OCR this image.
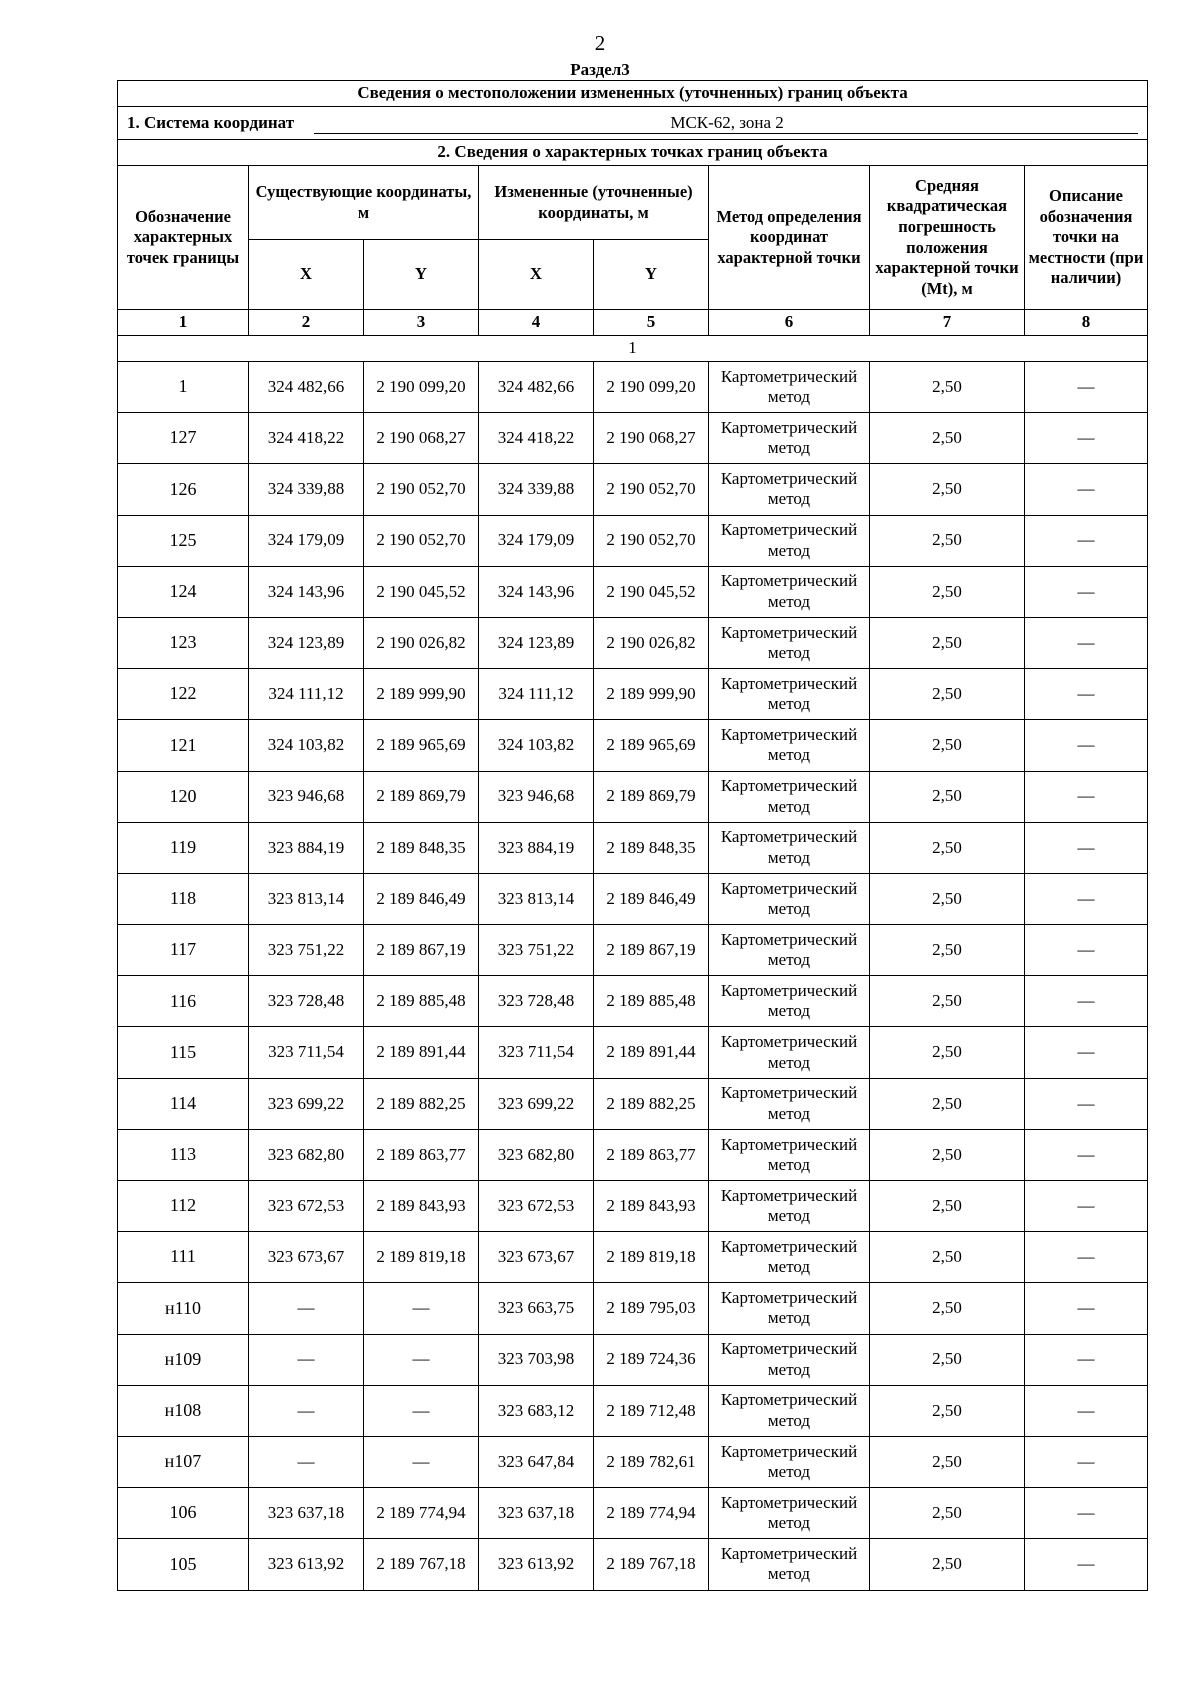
2
Раздел3
Сведения о местоположении измененных (уточненных) границ объекта							
1. Система координат МСК-62, зона 2							
2. Сведения о характерных точках границ объекта							
Обозначение характерных точек границы	Существующие координаты, м		Измененные (уточненные) координаты, м		Метод определения координат характерной точки	Средняя квадратическая погрешность положения характерной точки (Mt), м	Описание обозначения точки на местности (при наличии)
	X	Y	X	Y			
1	2	3	4	5	6	7	8
1							
1	324 482,66	2 190 099,20	324 482,66	2 190 099,20	Картометрический метод	2,50	—
127	324 418,22	2 190 068,27	324 418,22	2 190 068,27	Картометрический метод	2,50	—
126	324 339,88	2 190 052,70	324 339,88	2 190 052,70	Картометрический метод	2,50	—
125	324 179,09	2 190 052,70	324 179,09	2 190 052,70	Картометрический метод	2,50	—
124	324 143,96	2 190 045,52	324 143,96	2 190 045,52	Картометрический метод	2,50	—
123	324 123,89	2 190 026,82	324 123,89	2 190 026,82	Картометрический метод	2,50	—
122	324 111,12	2 189 999,90	324 111,12	2 189 999,90	Картометрический метод	2,50	—
121	324 103,82	2 189 965,69	324 103,82	2 189 965,69	Картометрический метод	2,50	—
120	323 946,68	2 189 869,79	323 946,68	2 189 869,79	Картометрический метод	2,50	—
119	323 884,19	2 189 848,35	323 884,19	2 189 848,35	Картометрический метод	2,50	—
118	323 813,14	2 189 846,49	323 813,14	2 189 846,49	Картометрический метод	2,50	—
117	323 751,22	2 189 867,19	323 751,22	2 189 867,19	Картометрический метод	2,50	—
116	323 728,48	2 189 885,48	323 728,48	2 189 885,48	Картометрический метод	2,50	—
115	323 711,54	2 189 891,44	323 711,54	2 189 891,44	Картометрический метод	2,50	—
114	323 699,22	2 189 882,25	323 699,22	2 189 882,25	Картометрический метод	2,50	—
113	323 682,80	2 189 863,77	323 682,80	2 189 863,77	Картометрический метод	2,50	—
112	323 672,53	2 189 843,93	323 672,53	2 189 843,93	Картометрический метод	2,50	—
111	323 673,67	2 189 819,18	323 673,67	2 189 819,18	Картометрический метод	2,50	—
н110	—	—	323 663,75	2 189 795,03	Картометрический метод	2,50	—
н109	—	—	323 703,98	2 189 724,36	Картометрический метод	2,50	—
н108	—	—	323 683,12	2 189 712,48	Картометрический метод	2,50	—
н107	—	—	323 647,84	2 189 782,61	Картометрический метод	2,50	—
106	323 637,18	2 189 774,94	323 637,18	2 189 774,94	Картометрический метод	2,50	—
105	323 613,92	2 189 767,18	323 613,92	2 189 767,18	Картометрический метод	2,50	—
